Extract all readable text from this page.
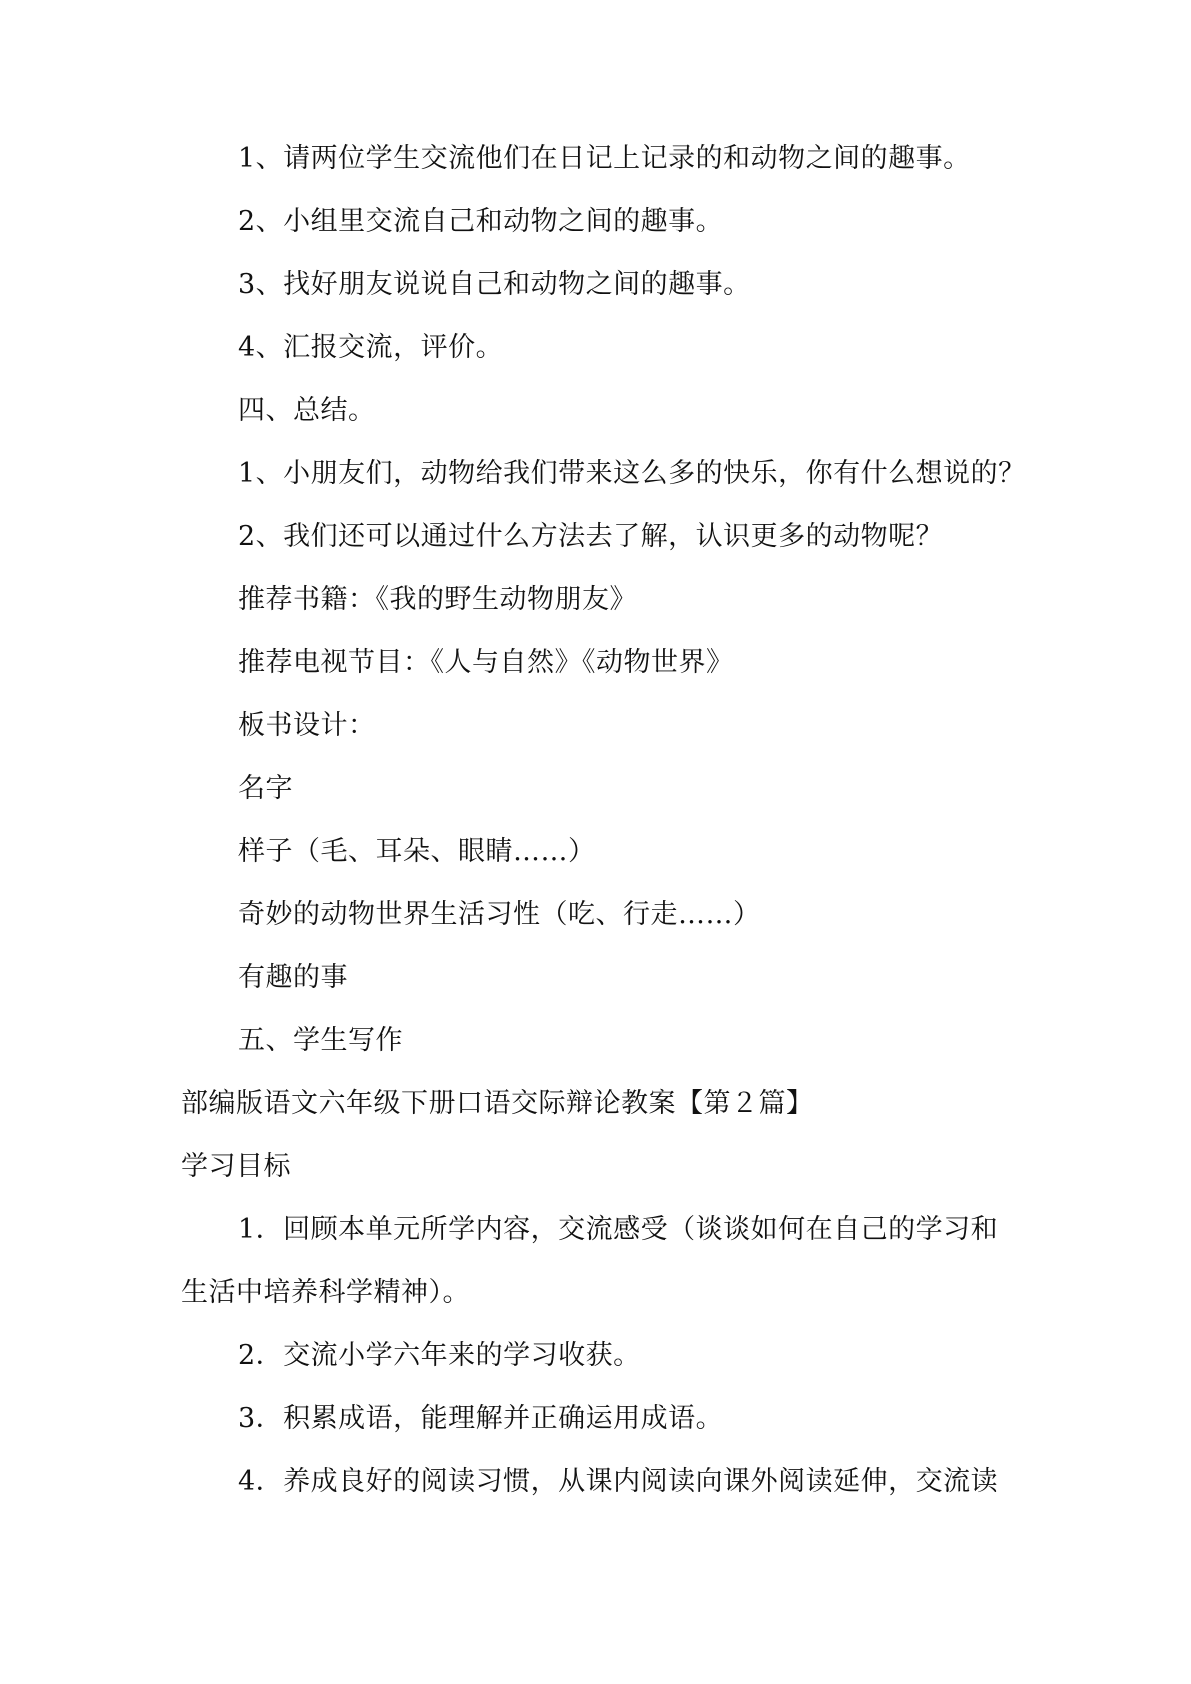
1、请两位学生交流他们在日记上记录的和动物之间的趣事。
2、小组里交流自己和动物之间的趣事。
3、找好朋友说说自己和动物之间的趣事。
4、汇报交流，评价。
四、总结。
1、小朋友们，动物给我们带来这么多的快乐，你有什么想说的？
2、我们还可以通过什么方法去了解，认识更多的动物呢？
推荐书籍：《我的野生动物朋友》
推荐电视节目：《人与自然》《动物世界》
板书设计：
名字
样子（毛、耳朵、眼睛……）
奇妙的动物世界生活习性（吃、行走……）
有趣的事
五、学生写作
部编版语文六年级下册口语交际辩论教案【第２篇】
学习目标
1．回顾本单元所学内容，交流感受（谈谈如何在自己的学习和
生活中培养科学精神）。
2．交流小学六年来的学习收获。
3．积累成语，能理解并正确运用成语。
4．养成良好的阅读习惯，从课内阅读向课外阅读延伸，交流读
